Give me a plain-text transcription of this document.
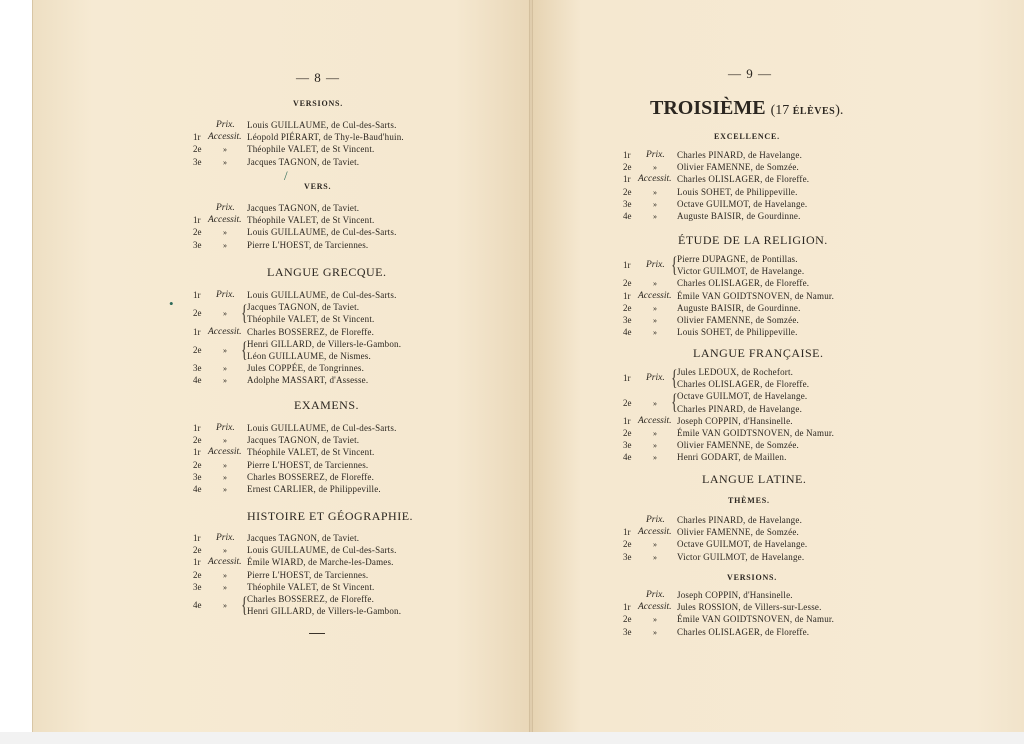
— 8 —
VERSIONS.
VERS.
LANGUE GRECQUE.
EXAMENS.
HISTOIRE ET GÉOGRAPHIE.
/
•
— 9 —
TROISIÈME (17 ÉLÈVES).
EXCELLENCE.
ÉTUDE DE LA RELIGION.
LANGUE FRANÇAISE.
LANGUE LATINE.
THÈMES.
VERSIONS.
Prix. Louis GUILLAUME, de Cul-des-Sarts.
1r Accessit. Léopold PIÉRART, de Thy-le-Baud'huin.
2e	» Théophile VALET, de St Vincent.
3e	» Jacques TAGNON, de Taviet.
Prix. Jacques TAGNON, de Taviet.
1r Accessit. Théophile VALET, de St Vincent.
2e	» Louis GUILLAUME, de Cul-des-Sarts.
3e	» Pierre L'HOEST, de Tarciennes.
1r Prix. Louis GUILLAUME, de Cul-des-Sarts.
2e	» { Jacques TAGNON, de Taviet.
Théophile VALET, de St Vincent.
1r Accessit. Charles BOSSEREZ, de Floreffe.
2e	» { Henri GILLARD, de Villers-le-Gambon.
Léon GUILLAUME, de Nismes.
3e	» Jules COPPÉE, de Tongrinnes.
4e	» Adolphe MASSART, d'Assesse.
1r Prix. Louis GUILLAUME, de Cul-des-Sarts.
2e	» Jacques TAGNON, de Taviet.
1r Accessit. Théophile VALET, de St Vincent.
2e	» Pierre L'HOEST, de Tarciennes.
3e	» Charles BOSSEREZ, de Floreffe.
4e	» Ernest CARLIER, de Philippeville.
1r Prix. Jacques TAGNON, de Taviet.
2e	» Louis GUILLAUME, de Cul-des-Sarts.
1r Accessit. Émile WIARD, de Marche-les-Dames.
2e	» Pierre L'HOEST, de Tarciennes.
3e	» Théophile VALET, de St Vincent.
4e	» { Charles BOSSEREZ, de Floreffe.
Henri GILLARD, de Villers-le-Gambon.
1r Prix. Charles PINARD, de Havelange.
2e	» Olivier FAMENNE, de Somzée.
1r Accessit. Charles OLISLAGER, de Floreffe.
2e	» Louis SOHET, de Philippeville.
3e	» Octave GUILMOT, de Havelange.
4e	» Auguste BAISIR, de Gourdinne.
1r Prix. { Pierre DUPAGNE, de Pontillas.
Victor GUILMOT, de Havelange.
2e	» Charles OLISLAGER, de Floreffe.
1r Accessit. Émile VAN GOIDTSNOVEN, de Namur.
2e	» Auguste BAISIR, de Gourdinne.
3e	» Olivier FAMENNE, de Somzée.
4e	» Louis SOHET, de Philippeville.
1r Prix. { Jules LEDOUX, de Rochefort.
Charles OLISLAGER, de Floreffe.
2e	» { Octave GUILMOT, de Havelange.
Charles PINARD, de Havelange.
1r Accessit. Joseph COPPIN, d'Hansinelle.
2e	» Émile VAN GOIDTSNOVEN, de Namur.
3e	» Olivier FAMENNE, de Somzée.
4e	» Henri GODART, de Maillen.
Prix. Charles PINARD, de Havelange.
1r Accessit. Olivier FAMENNE, de Somzée.
2e	» Octave GUILMOT, de Havelange.
3e	» Victor GUILMOT, de Havelange.
Prix. Joseph COPPIN, d'Hansinelle.
1r Accessit. Jules ROSSION, de Villers-sur-Lesse.
2e	» Émile VAN GOIDTSNOVEN, de Namur.
3e	» Charles OLISLAGER, de Floreffe.
